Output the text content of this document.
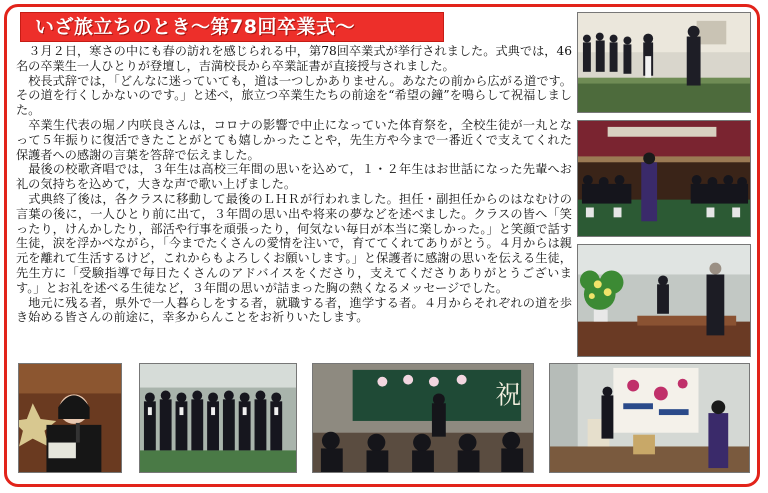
いざ旅立ちのとき～第78回卒業式～

３月２日，寒さの中にも春の訪れを感じられる中，第78回卒業式が挙行されました。式典では，46名の卒業生一人ひとりが登壇し，吉満校長から卒業証書が直接授与されました。

校長式辞では，「どんなに迷っていても，道は一つしかありません。あなたの前から広がる道です。その道を行くしかないのです。」と述べ，旅立つ卒業生たちの前途を“希望の鐘”を鳴らして祝福しました。

卒業生代表の堀ノ内咲良さんは，コロナの影響で中止になっていた体育祭を，全校生徒が一丸となって５年振りに復活できたことがとても嬉しかったことや，先生方や今まで一番近くで支えてくれた保護者への感謝の言葉を答辞で伝えました。

最後の校歌斉唱では，３年生は高校三年間の思いを込めて，１・２年生はお世話になった先輩へお礼の気持ちを込めて，大きな声で歌い上げました。

式典終了後は，各クラスに移動して最後のＬＨＲが行われました。担任・副担任からのはなむけの言葉の後に，一人ひとり前に出て，３年間の思い出や将来の夢などを述べました。クラスの皆へ「笑ったり，けんかしたり，部活や行事を頑張ったり，何気ない毎日が本当に楽しかった。」と笑顔で話す生徒，涙を浮かべながら，「今までたくさんの愛情を注いで，育ててくれてありがとう。４月からは親元を離れて生活するけど，これからもよろしくお願いします。」と保護者に感謝の思いを伝える生徒，先生方に「受験指導で毎日たくさんのアドバイスをくださり，支えてくださりありがとうございます。」とお礼を述べる生徒など，３年間の思いが詰まった胸の熱くなるメッセージでした。

地元に残る者，県外で一人暮らしをする者，就職する者，進学する者。４月からそれぞれの道を歩き始める皆さんの前途に，幸多からんことをお祈りいたします。

祝
